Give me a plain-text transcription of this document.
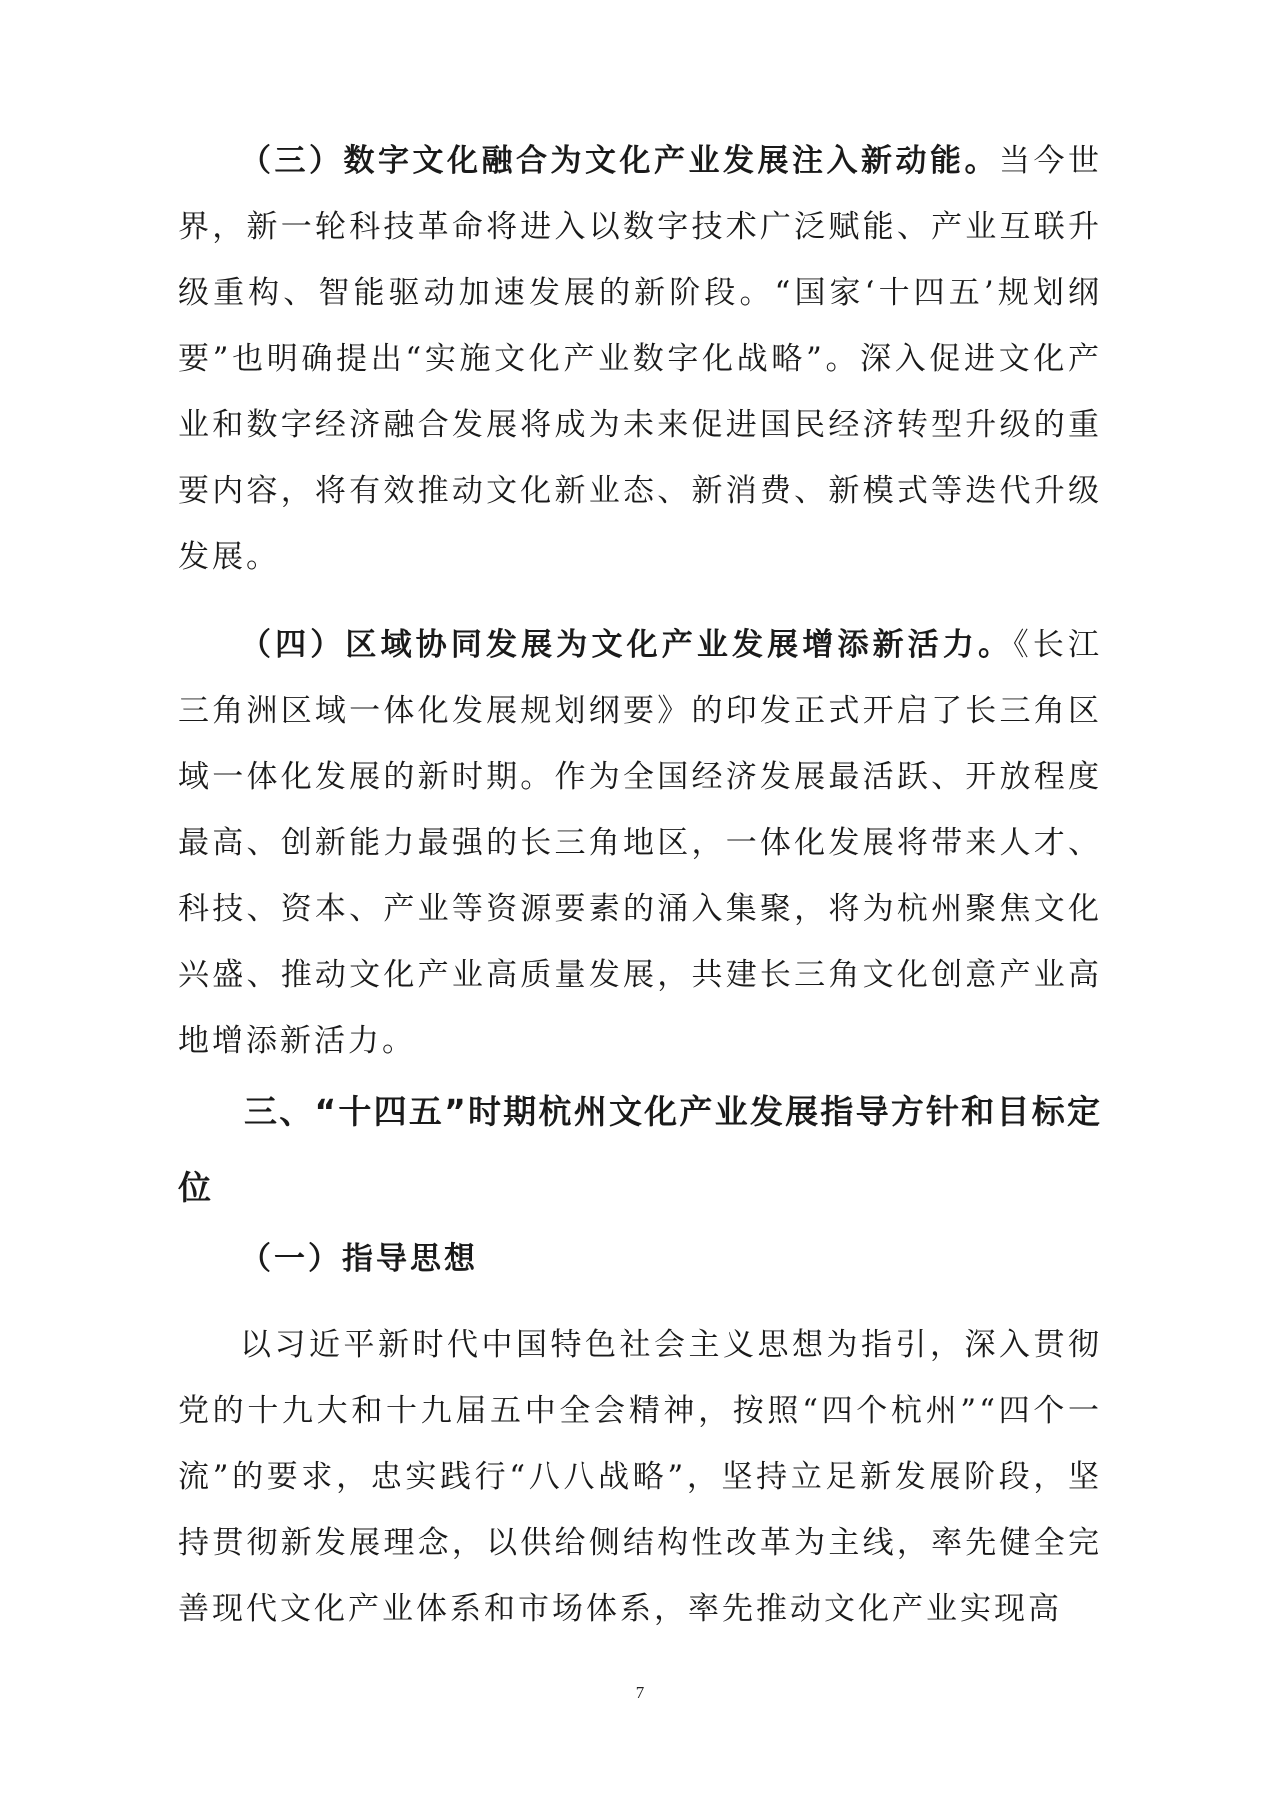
（三）数字文化融合为文化产业发展注入新动能。当今世界，新一轮科技革命将进入以数字技术广泛赋能、产业互联升级重构、智能驱动加速发展的新阶段。“国家‘十四五’规划纲要”也明确提出“实施文化产业数字化战略”。深入促进文化产业和数字经济融合发展将成为未来促进国民经济转型升级的重要内容，将有效推动文化新业态、新消费、新模式等迭代升级发展。

（四）区域协同发展为文化产业发展增添新活力。《长江三角洲区域一体化发展规划纲要》的印发正式开启了长三角区域一体化发展的新时期。作为全国经济发展最活跃、开放程度最高、创新能力最强的长三角地区，一体化发展将带来人才、科技、资本、产业等资源要素的涌入集聚，将为杭州聚焦文化兴盛、推动文化产业高质量发展，共建长三角文化创意产业高地增添新活力。

三、“十四五”时期杭州文化产业发展指导方针和目标定位
（一）指导思想

以习近平新时代中国特色社会主义思想为指引，深入贯彻党的十九大和十九届五中全会精神，按照“四个杭州”“四个一流”的要求，忠实践行“八八战略”，坚持立足新发展阶段，坚持贯彻新发展理念，以供给侧结构性改革为主线，率先健全完善现代文化产业体系和市场体系，率先推动文化产业实现高

7
